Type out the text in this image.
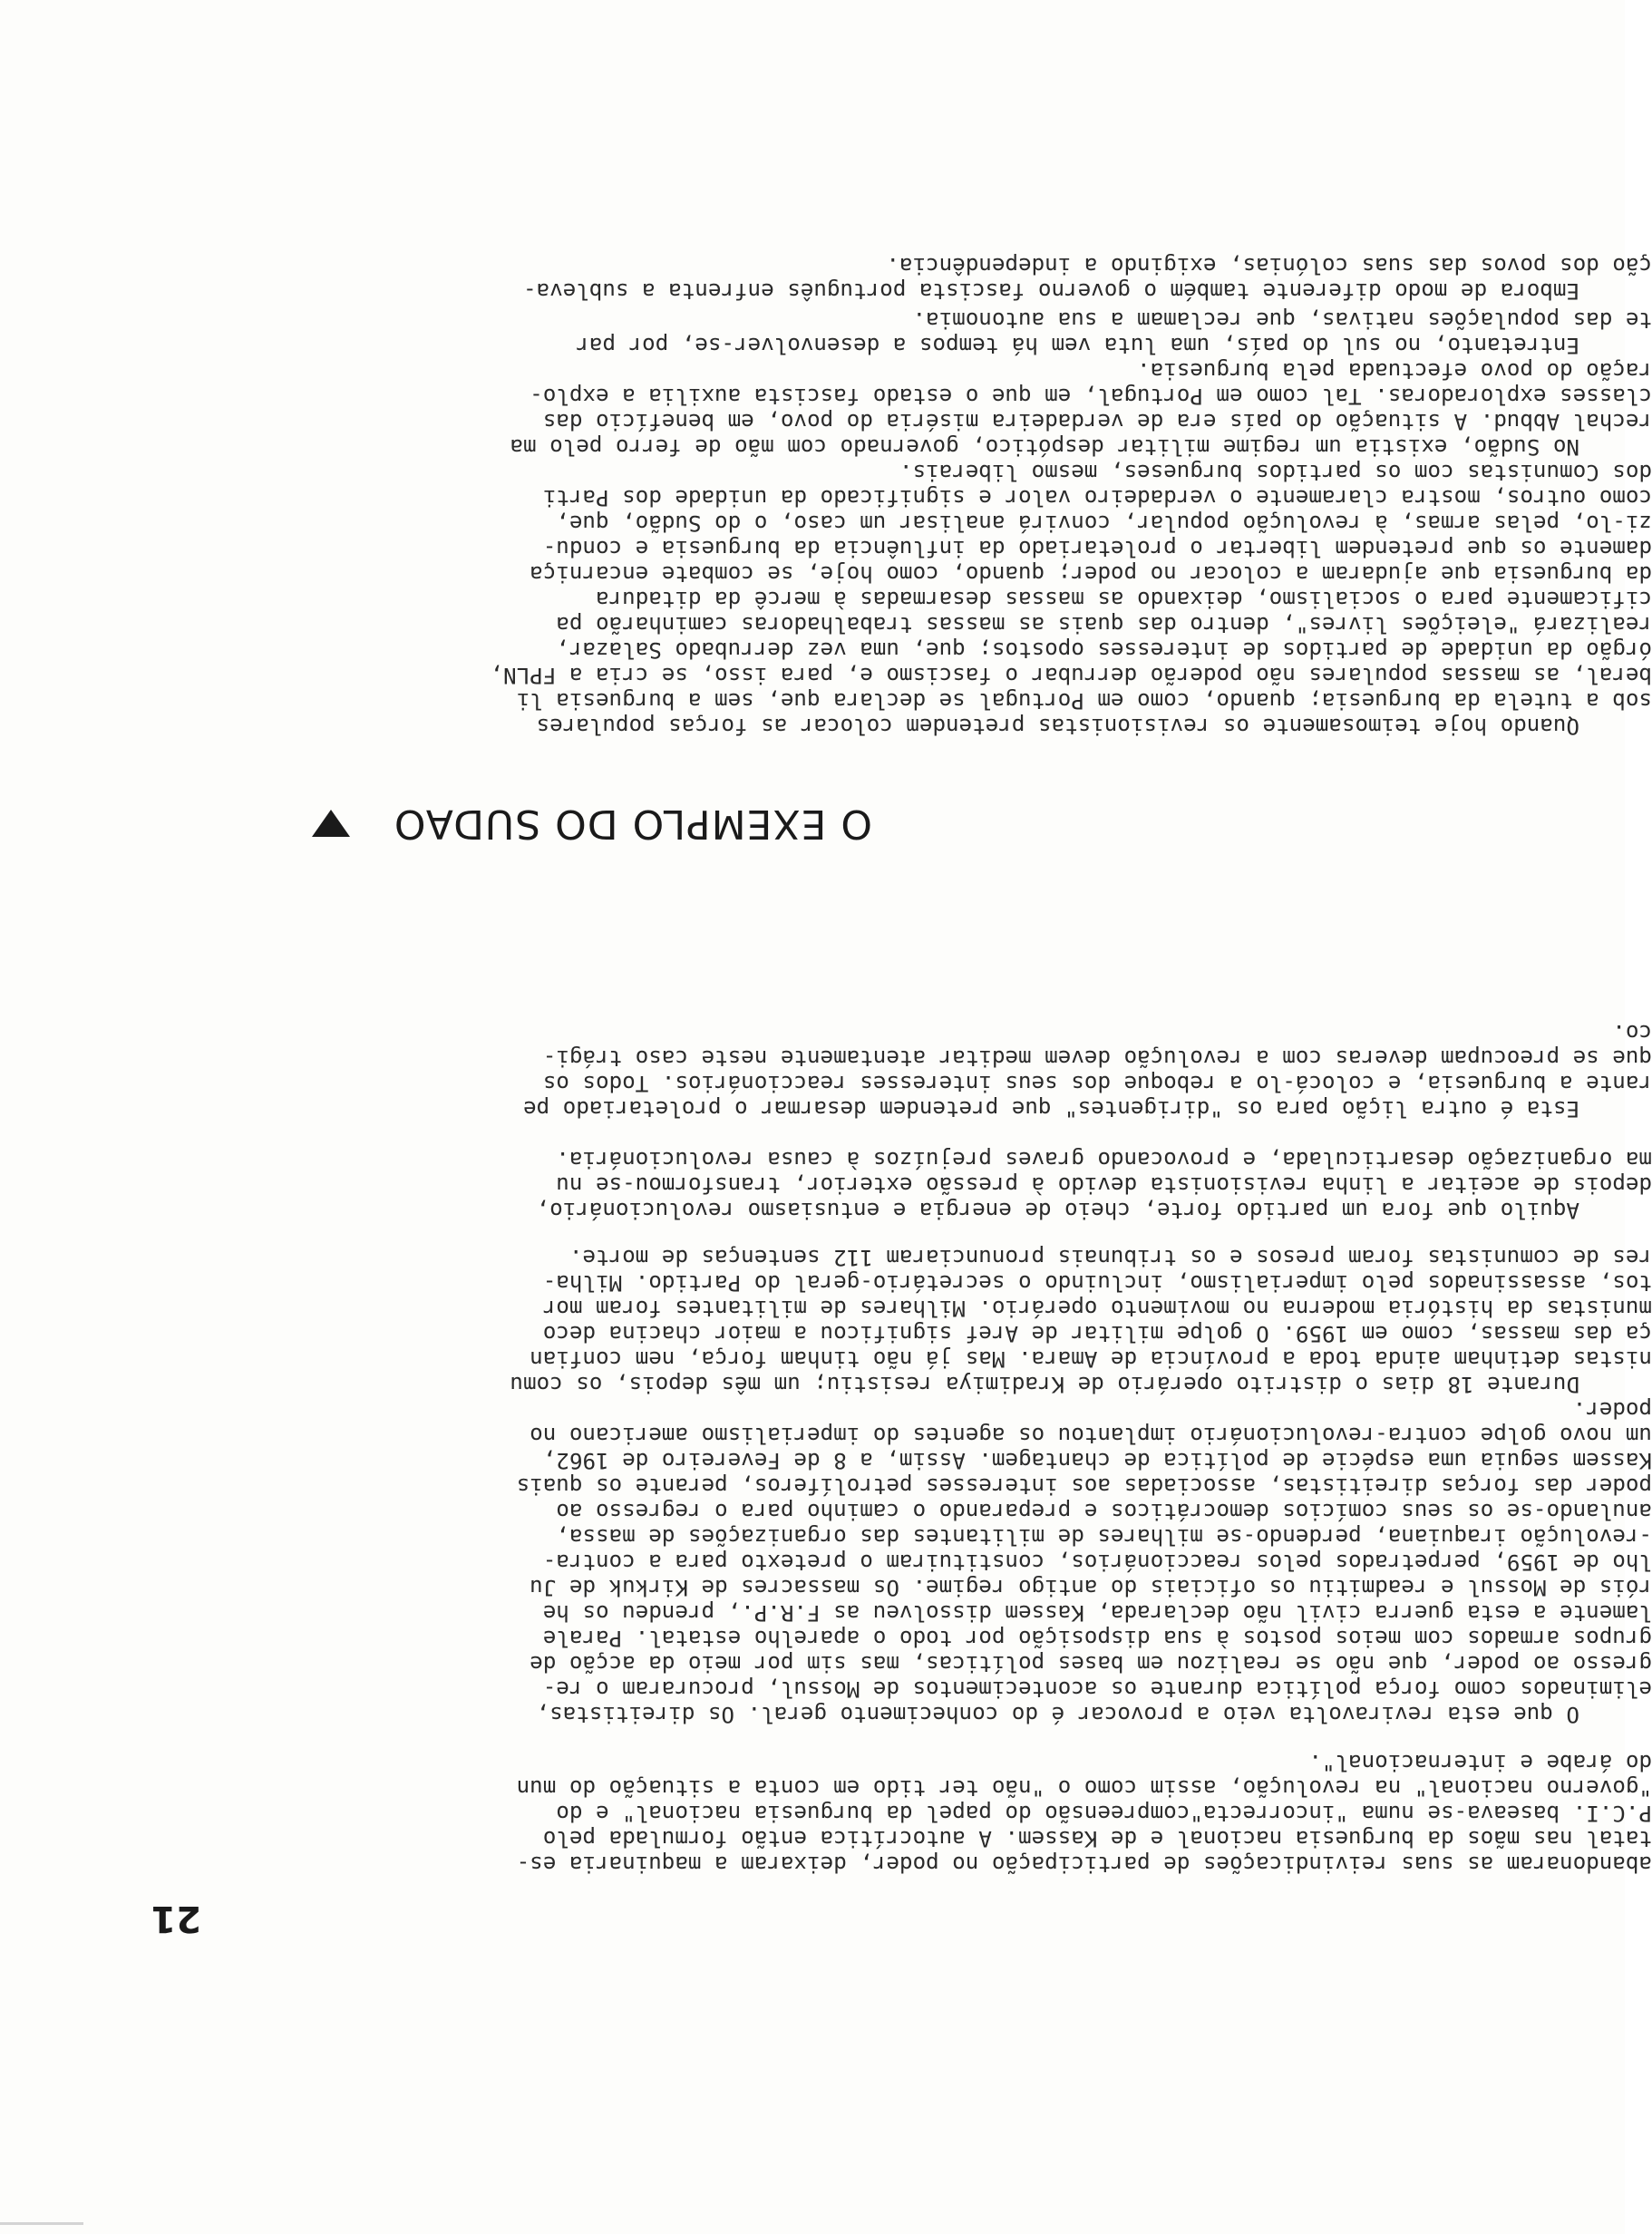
21
abandonaram as suas reivindicações de participação no poder, deixaram a maquinaria es-
tatal nas mãos da burguesia nacional e de Kassem. A autocrítica então formulada pelo
P.C.I. baseava-se numa "incorrecta"compreensão do papel da burguesia nacional" e do
"governo nacional" na revolução, assim como o "não ter tido em conta a situação do mun
do árabe e internacional".
O que esta reviravolta veio a provocar é do conhecimento geral. Os direitistas,
eliminados como força política durante os acontecimentos de Mossul, procuraram o re-
gresso ao poder, que não se realizou em bases políticas, mas sim por meio da acção de
grupos armados com meios postos à sua disposição por todo o aparelho estatal. Parale
lamente a esta guerra civil não declarada, Kassem dissolveu as F.R.P., prendeu os he
róis de Mossul e readmitiu os oficiais do antigo regime. Os massacres de Kirkuk de Ju
lho de 1959, perpetrados pelos reaccionários, constituiram o pretexto para a contra-
-revolução iraquiana, perdendo-se milhares de militantes das organizações de massa,
anulando-se os seus comícios democráticos e preparando o caminho para o regresso ao
poder das forças direitistas, associadas aos interesses petrolíferos, perante os quais
Kassem seguia uma espécie de política de chantagem. Assim, a 8 de Fevereiro de 1962,
um novo golpe contra-revolucionário implantou os agentes do imperialismo americano no
poder.
Durante 18 dias o distrito operário de Kradimiya resistiu; um mês depois, os comu
nistas detinham ainda toda a província de Amara. Mas já não tinham força, nem confian
ça das massas, como em 1959. O golpe militar de Aref significou a maior chacina deco
munistas da história moderna no movimento operário. Milhares de militantes foram mor
tos, assassinados pelo imperialismo, incluindo o secretário-geral do Partido. Milha-
res de comunistas foram presos e os tribunais pronunciaram 112 sentenças de morte.
Aquilo que fora um partido forte, cheio de energia e entusiasmo revolucionário,
depois de aceitar a linha revisionista devido à pressão exterior, transformou-se nu
ma organização desarticulada, e provocando graves prejuízos à causa revolucionária.
Esta é outra lição para os "dirigentes" que pretendem desarmar o proletariado pe
rante a burguesia, e colocá-lo a reboque dos seus interesses reaccionários. Todos os
que se preocupam deveras com a revolução devem meditar atentamente neste caso trági-
co.
Quando hoje teimosamente os revisionistas pretendem colocar as forças populares
sob a tutela da burguesia; quando, como em Portugal se declara que, sem a burguesia li
beral, as massas populares não poderão derrubar o fascismo e, para isso, se cria a FPLN,
órgão da unidade de partidos de interesses opostos; que, uma vez derrubado Salazar,
realizará "eleições livres", dentro das quais as massas trabalhadoras caminharão pa
cificamente para o socialismo, deixando as massas desarmadas à mercê da ditadura
da burguesia que ajudaram a colocar no poder; quando, como hoje, se combate encarniça
damente os que pretendem libertar o proletariado da influência da burguesia e condu-
zi-lo, pelas armas, à revolução popular, convirá analisar um caso, o do Sudão, que,
como outros, mostra claramente o verdadeiro valor e significado da unidade dos Parti
dos Comunistas com os partidos burgueses, mesmo liberais.
No Sudão, existia um regime militar despótico, governado com mão de ferro pelo ma
rechal Abbud. A situação do país era de verdadeira miséria do povo, em benefício das
classes exploradoras. Tal como em Portugal, em que o estado fascista auxilia a explo-
ração do povo efectuada pela burguesia.
Entretanto, no sul do país, uma luta vem há tempos a desenvolver-se, por par
te das populações nativas, que reclamam a sua autonomia.
Embora de modo diferente também o governo fascista português enfrenta a subleva-
ção dos povos das suas colónias, exigindo a independência.
O EXEMPLO DO SUDAO
